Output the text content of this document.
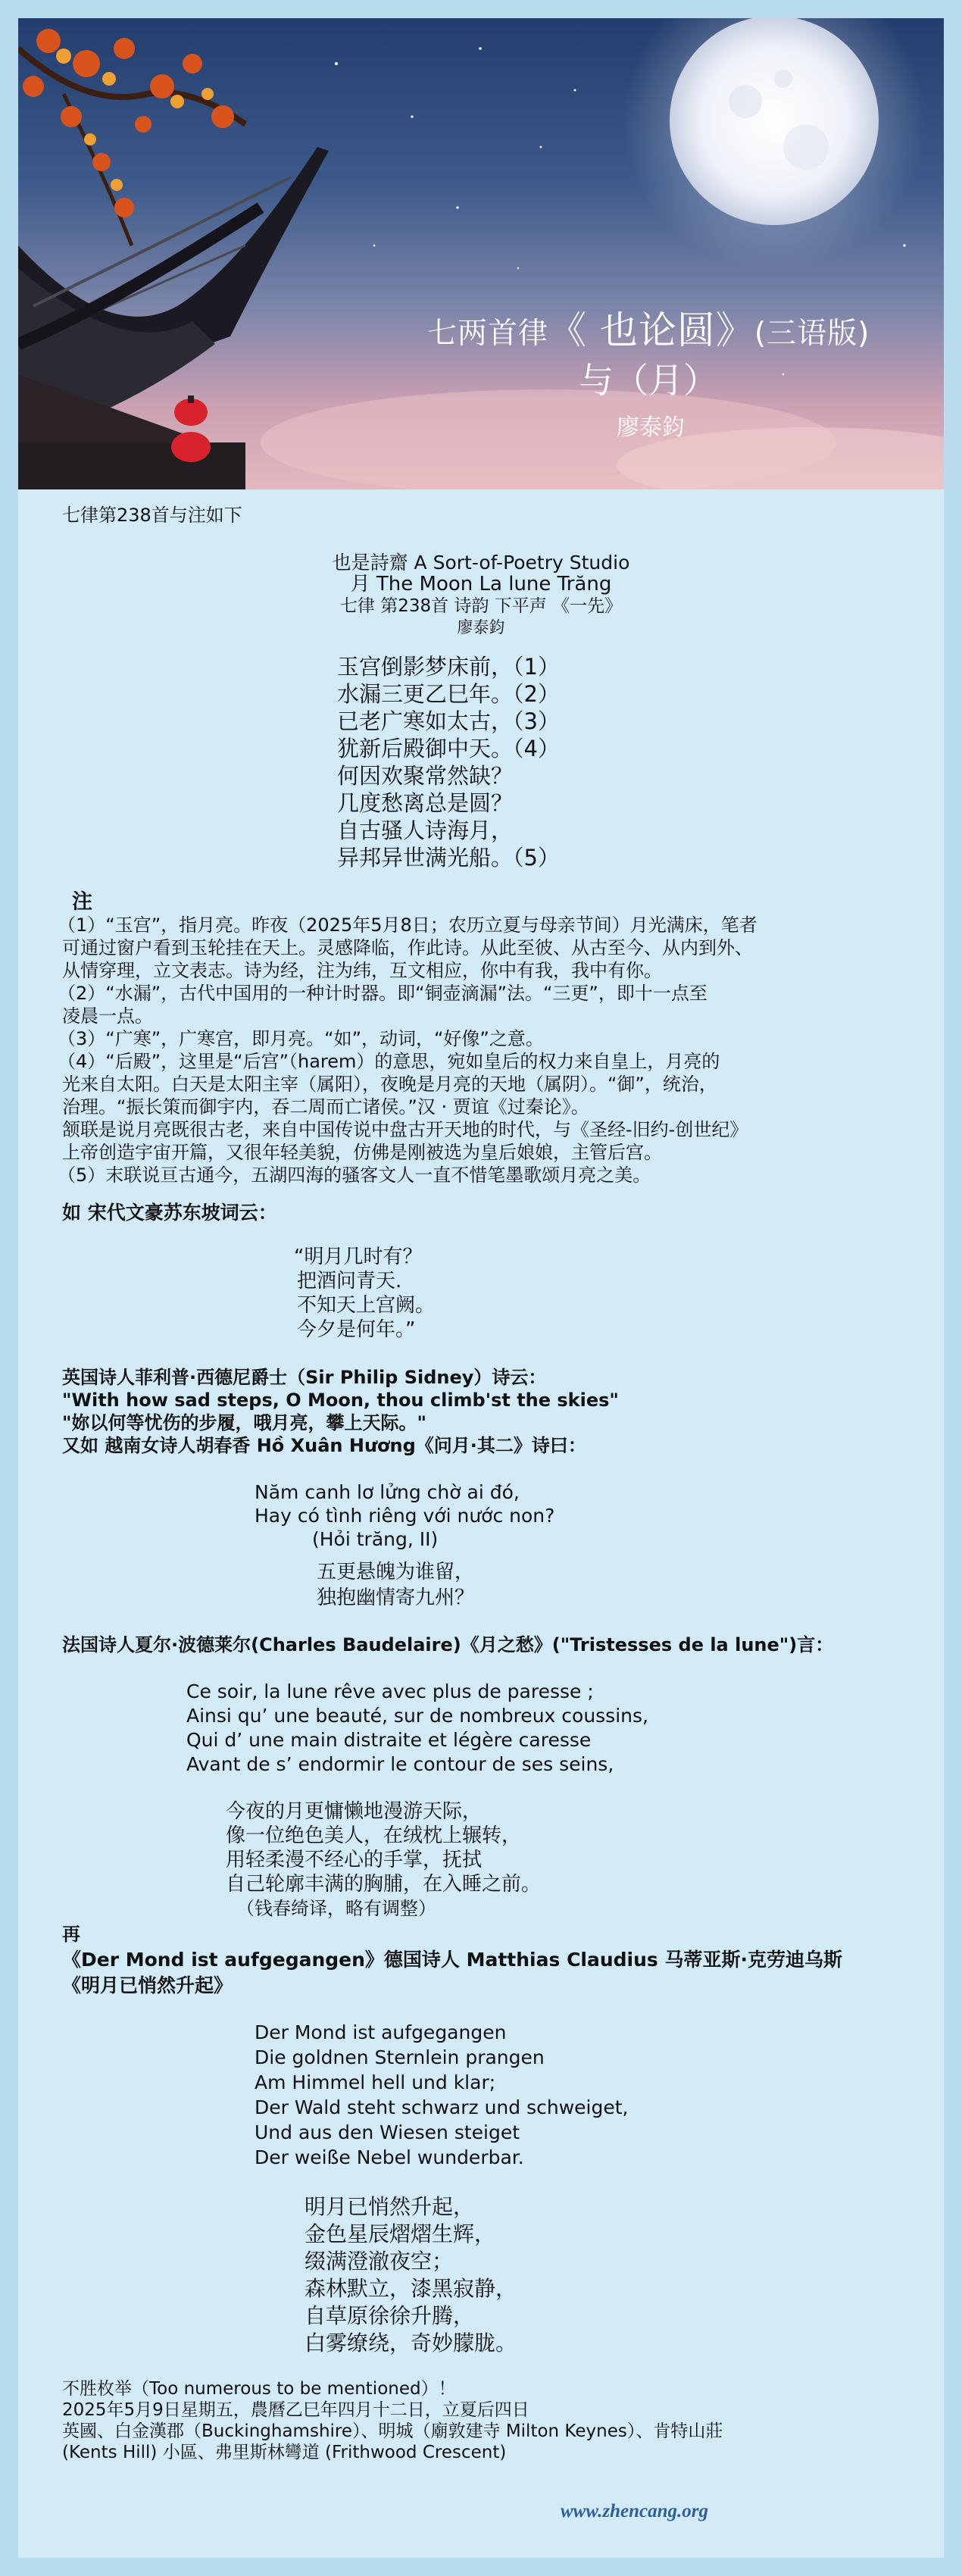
七两首律《 也论圆》(三语版)
与（月）
廖泰鈞
七律第238首与注如下
也是詩齋 A Sort-of-Poetry Studio
月 The Moon La lune Trăng
七律 第238首 诗韵 下平声 《一先》
廖泰鈞
玉宫倒影梦床前，（1）
水漏三更乙巳年。（2）
已老广寒如太古，（3）
犹新后殿御中天。（4）
何因欢聚常然缺？
几度愁离总是圆？
自古骚人诗海月，
异邦异世满光船。（5）
注
（1）“玉宫”，指月亮。昨夜（2025年5月8日；农历立夏与母亲节间）月光满床，笔者
可通过窗户看到玉轮挂在天上。灵感降临，作此诗。从此至彼、从古至今、从内到外、
从情穿理，立文表志。诗为经，注为纬，互文相应，你中有我，我中有你。
（2）“水漏”，古代中国用的一种计时器。即“铜壶滴漏”法。“三更”，即十一点至
凌晨一点。
（3）“广寒”，广寒宫，即月亮。“如”，动词，“好像”之意。
（4）“后殿”，这里是“后宫”（harem）的意思，宛如皇后的权力来自皇上，月亮的
光来自太阳。白天是太阳主宰（属阳），夜晚是月亮的天地（属阴）。“御”，统治，
治理。“振长策而御宇内，吞二周而亡诸侯。”汉 · 贾谊《过秦论》。
颔联是说月亮既很古老，来自中国传说中盘古开天地的时代，与《圣经-旧约-创世纪》
上帝创造宇宙开篇，又很年轻美貌，仿佛是刚被选为皇后娘娘，主管后宫。
（5）末联说亘古通今，五湖四海的骚客文人一直不惜笔墨歌颂月亮之美。
如 宋代文豪苏东坡词云：
“明月几时有？
把酒问青天.
不知天上宫阙。
今夕是何年。”
英国诗人菲利普·西德尼爵士（Sir Philip Sidney）诗云：
"With how sad steps, O Moon, thou climb'st the skies"
"妳以何等忧伤的步履，哦月亮，攀上天际。"
又如 越南女诗人胡春香 Hồ Xuân Hương《问月·其二》诗曰：
Năm canh lơ lửng chờ ai đó,
Hay có tình riêng với nước non?
(Hỏi trăng, II)
五更悬魄为谁留，
独抱幽情寄九州？
法国诗人夏尔·波德莱尔(Charles Baudelaire)《月之愁》("Tristesses de la lune")言：
Ce soir, la lune rêve avec plus de paresse ;
Ainsi qu’ une beauté, sur de nombreux coussins,
Qui d’ une main distraite et légère caresse
Avant de s’ endormir le contour de ses seins,
今夜的月更慵懒地漫游天际，
像一位绝色美人，在绒枕上辗转，
用轻柔漫不经心的手掌，抚拭
自己轮廓丰满的胸脯，在入睡之前。
（钱春绮译，略有调整）
再
《Der Mond ist aufgegangen》德国诗人 Matthias Claudius 马蒂亚斯·克劳迪乌斯
《明月已悄然升起》
Der Mond ist aufgegangen
Die goldnen Sternlein prangen
Am Himmel hell und klar;
Der Wald steht schwarz und schweiget,
Und aus den Wiesen steiget
Der weiße Nebel wunderbar.
明月已悄然升起，
金色星辰熠熠生辉，
缀满澄澈夜空；
森林默立，漆黑寂静，
自草原徐徐升腾，
白雾缭绕，奇妙朦胧。
不胜枚举（Too numerous to be mentioned）！
2025年5月9日星期五，農曆乙巳年四月十二日，立夏后四日
英國、白金漢郡（Buckinghamshire）、明城（廟敦建寺 Milton Keynes）、肯特山莊
(Kents Hill) 小區、弗里斯林彎道 (Frithwood Crescent)
www.zhencang.org
